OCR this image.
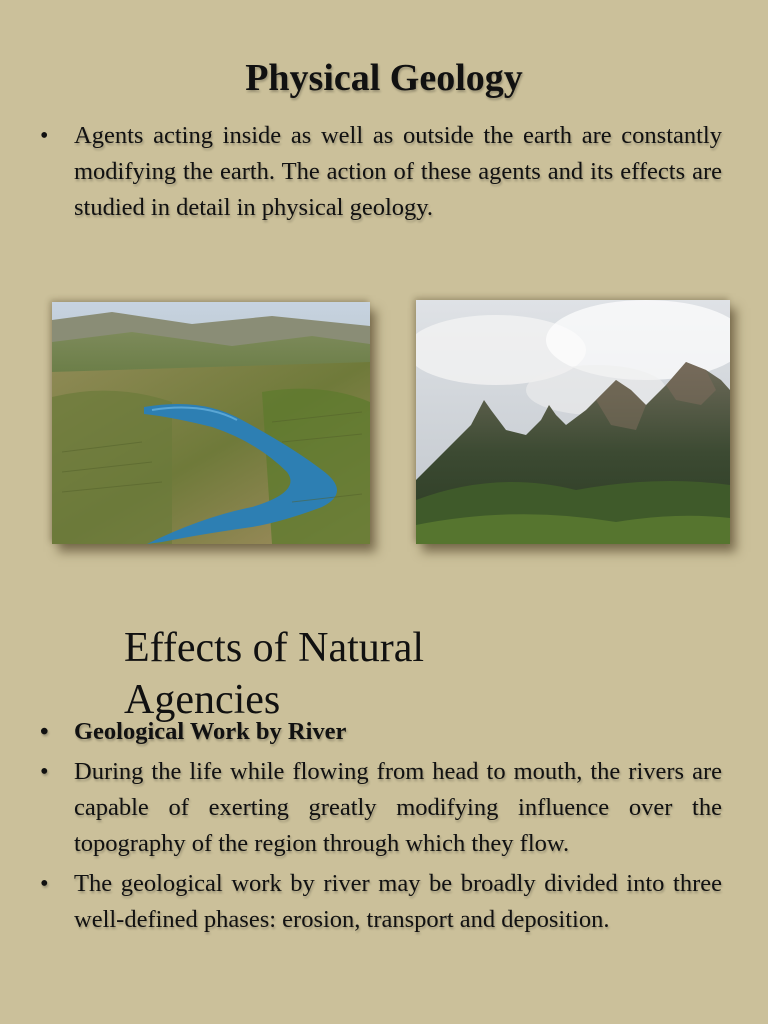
Physical Geology
• Agents acting inside as well as outside the earth are constantly modifying the earth. The action of these agents and its effects are studied in detail in physical geology.
Effects of Natural Agencies
• Geological Work by River
• During the life while flowing from head to mouth, the rivers are capable of exerting greatly modifying influence over the topography of the region through which they flow.
• The geological work by river may be broadly divided into three well-defined phases: erosion, transport and deposition.
